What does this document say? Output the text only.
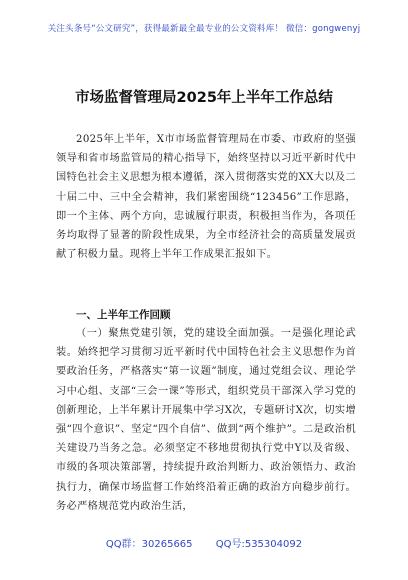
关注头条号“公文研究”，获得最新最全最专业的公文资料库！ 微信：gongwenyj
市场监督管理局2025年上半年工作总结
2025年上半年，X市市场监督管理局在市委、市政府的坚强领导和省市场监管局的精心指导下，始终坚持以习近平新时代中国特色社会主义思想为根本遵循，深入贯彻落实党的XX大以及二十届二中、三中全会精神，我们紧密围绕“123456”工作思路，即一个主体、两个方向，忠诚履行职责，积极担当作为，各项任务均取得了显著的阶段性成果，为全市经济社会的高质量发展贡献了积极力量。现将上半年工作成果汇报如下。
一、上半年工作回顾
（一）聚焦党建引领，党的建设全面加强。一是强化理论武装。始终把学习贯彻习近平新时代中国特色社会主义思想作为首要政治任务，严格落实“第一议题”制度，通过党组会议、理论学习中心组、支部“三会一课”等形式，组织党员干部深入学习党的创新理论，上半年累计开展集中学习X次，专题研讨X次，切实增强“四个意识”、坚定“四个自信”、做到“两个维护”。二是政治机关建设乃当务之急。必须坚定不移地贯彻执行党中Y以及省级、市级的各项决策部署，持续提升政治判断力、政治领悟力、政治执行力，确保市场监督工作始终沿着正确的政治方向稳步前行。务必严格规范党内政治生活，
QQ群：30265665 QQ号:535304092
